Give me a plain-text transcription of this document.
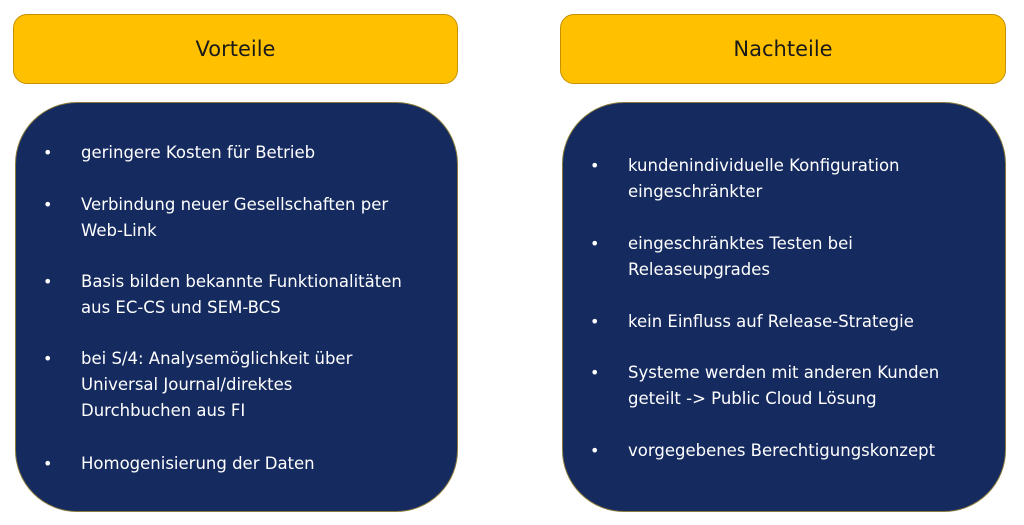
Vorteile	Nachteile
• geringere Kosten für Betrieb
• Verbindung neuer Gesellschaften per
Web-Link
• Basis bilden bekannte Funktionalitäten
aus EC-CS und SEM-BCS
• bei S/4: Analysemöglichkeit über
Universal Journal/direktes
Durchbuchen aus FI
• Homogenisierung der Daten
• kundenindividuelle Konfiguration
eingeschränkter
• eingeschränktes Testen bei
Releaseupgrades
• kein Einfluss auf Release-Strategie
• Systeme werden mit anderen Kunden
geteilt -> Public Cloud Lösung
• vorgegebenes Berechtigungskonzept
